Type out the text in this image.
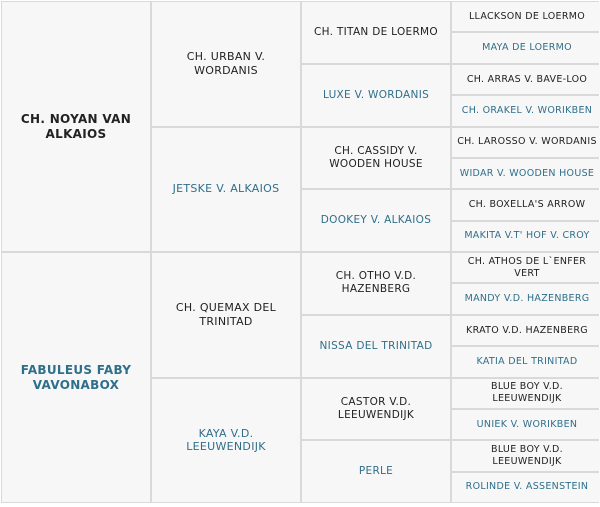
CH. NOYAN VAN ALKAIOS
FABULEUS FABY VAVONABOX
CH. URBAN V. WORDANIS
JETSKE V. ALKAIOS
CH. QUEMAX DEL TRINITAD
KAYA V.D. LEEUWENDIJK
CH. TITAN DE LOERMO
LUXE V. WORDANIS
CH. CASSIDY V. WOODEN HOUSE
DOOKEY V. ALKAIOS
CH. OTHO V.D. HAZENBERG
NISSA DEL TRINITAD
CASTOR V.D. LEEUWENDIJK
PERLE
LLACKSON DE LOERMO
MAYA DE LOERMO
CH. ARRAS V. BAVE-LOO
CH. ORAKEL V. WORIKBEN
CH. LAROSSO V. WORDANIS
WIDAR V. WOODEN HOUSE
CH. BOXELLA'S ARROW
MAKITA V.T' HOF V. CROY
CH. ATHOS DE L`ENFER VERT
MANDY V.D. HAZENBERG
KRATO V.D. HAZENBERG
KATIA DEL TRINITAD
BLUE BOY V.D. LEEUWENDIJK
UNIEK V. WORIKBEN
BLUE BOY V.D. LEEUWENDIJK
ROLINDE V. ASSENSTEIN
